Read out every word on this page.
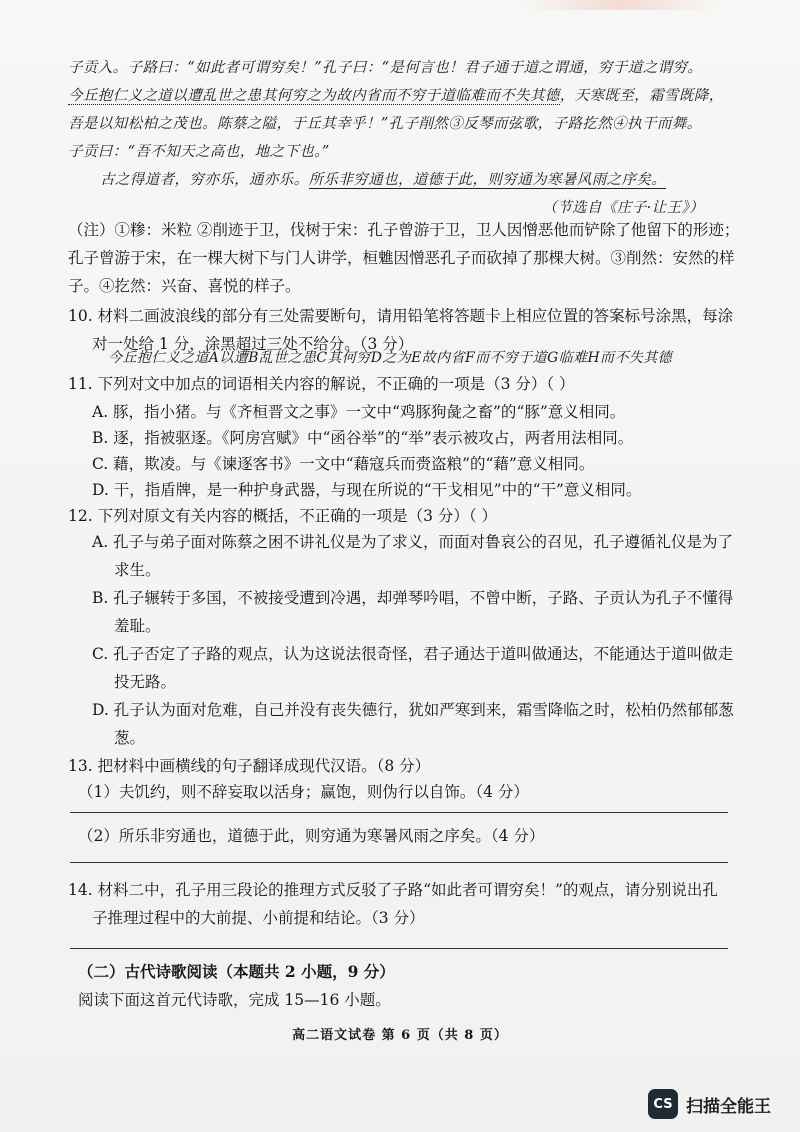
子贡入。子路曰：“如此者可谓穷矣！”孔子曰：“是何言也！君子通于道之谓通，穷于道之谓穷。
今丘抱仁义之道以遭乱世之患其何穷之为故内省而不穷于道临难而不失其德，天寒既至，霜雪既降，
吾是以知松柏之茂也。陈蔡之隘，于丘其幸乎！”孔子削然③反琴而弦歌，子路扢然④执干而舞。
子贡曰：“吾不知天之高也，地之下也。”
古之得道者，穷亦乐，通亦乐。所乐非穷通也，道德于此，则穷通为寒暑风雨之序矣。
（节选自《庄子·让王》）
（注）①糁：米粒 ②削迹于卫，伐树于宋：孔子曾游于卫，卫人因憎恶他而铲除了他留下的形迹；
孔子曾游于宋，在一棵大树下与门人讲学，桓魋因憎恶孔子而砍掉了那棵大树。③削然：安然的样
子。④扢然：兴奋、喜悦的样子。
10. 材料二画波浪线的部分有三处需要断句，请用铅笔将答题卡上相应位置的答案标号涂黑，每涂
对一处给 1 分，涂黑超过三处不给分。（3 分）
今丘抱仁义之道A以遭B乱世之患C其何穷D之为E故内省F而不穷于道G临难H而不失其德
11. 下列对文中加点的词语相关内容的解说，不正确的一项是（3 分）（ ）
A. 豚，指小猪。与《齐桓晋文之事》一文中“鸡豚狗彘之畜”的“豚”意义相同。
B. 逐，指被驱逐。《阿房宫赋》中“函谷举”的“举”表示被攻占，两者用法相同。
C. 藉，欺凌。与《谏逐客书》一文中“藉寇兵而赍盗粮”的“藉”意义相同。
D. 干，指盾牌，是一种护身武器，与现在所说的“干戈相见”中的“干”意义相同。
12. 下列对原文有关内容的概括，不正确的一项是（3 分）（ ）
A. 孔子与弟子面对陈蔡之困不讲礼仪是为了求义，而面对鲁哀公的召见，孔子遵循礼仪是为了
求生。
B. 孔子辗转于多国，不被接受遭到冷遇，却弹琴吟唱，不曾中断，子路、子贡认为孔子不懂得
羞耻。
C. 孔子否定了子路的观点，认为这说法很奇怪，君子通达于道叫做通达，不能通达于道叫做走
投无路。
D. 孔子认为面对危难，自己并没有丧失德行，犹如严寒到来，霜雪降临之时，松柏仍然郁郁葱
葱。
13. 把材料中画横线的句子翻译成现代汉语。（8 分）
（1）夫饥约，则不辞妄取以活身；赢饱，则伪行以自饰。（4 分）
（2）所乐非穷通也，道德于此，则穷通为寒暑风雨之序矣。（4 分）
14. 材料二中，孔子用三段论的推理方式反驳了子路“如此者可谓穷矣！”的观点，请分别说出孔
子推理过程中的大前提、小前提和结论。（3 分）
（二）古代诗歌阅读（本题共 2 小题，9 分）
阅读下面这首元代诗歌，完成 15—16 小题。
高二语文试卷 第 6 页（共 8 页）
CS 扫描全能王
